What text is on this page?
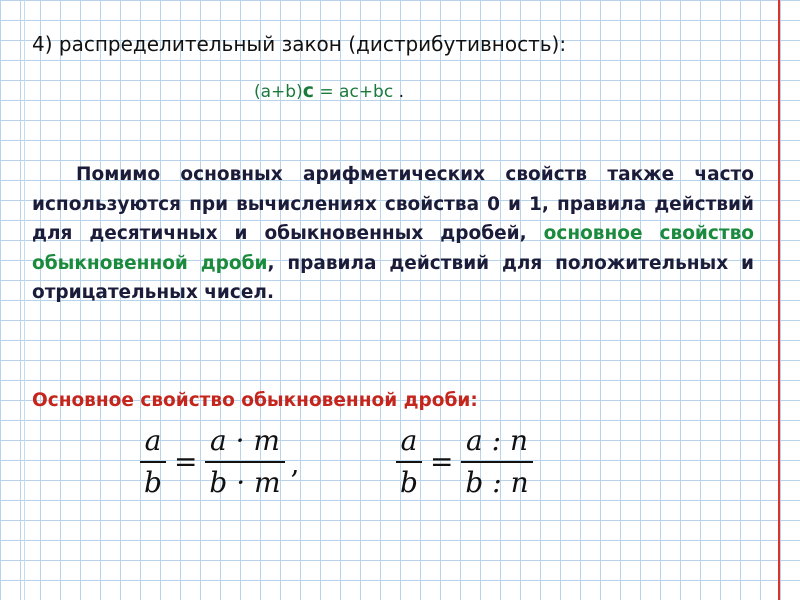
4) распределительный закон (дистрибутивность):
(a+b)c = ac+bc .
Помимо основных арифметических свойств также часто используются при вычислениях свойства 0 и 1, правила действий для десятичных и обыкновенных дробей, основное свойство обыкновенной дроби, правила действий для положительных и отрицательных чисел.
Основное свойство обыкновенной дроби:
$\frac{a}{b} = \frac{a \cdot m}{b \cdot m}$ ,	$\frac{a}{b} = \frac{a : n}{b : n}$
